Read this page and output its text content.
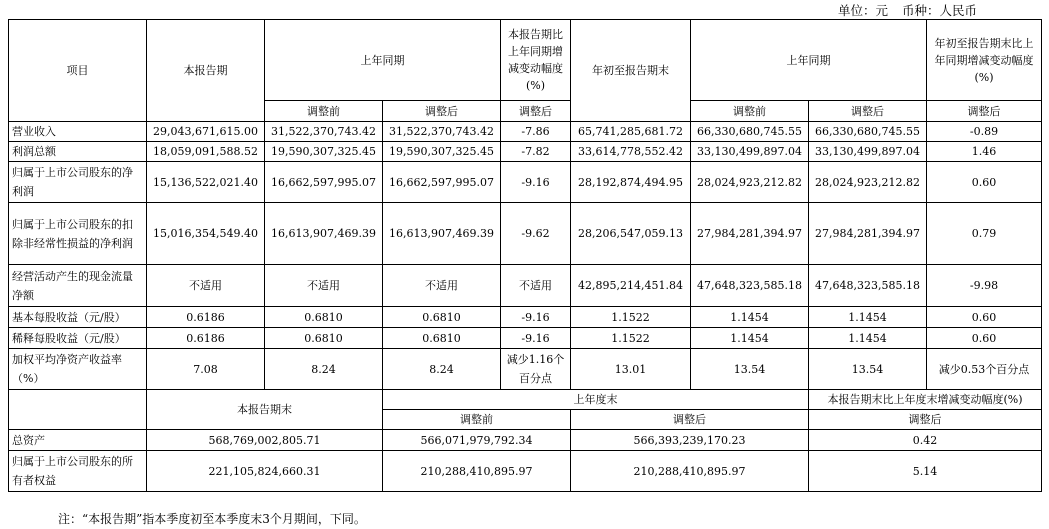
单位：元 币种：人民币
项目	本报告期	上年同期		本报告期比上年同期增减变动幅度(%)	年初至报告期末	上年同期		年初至报告期末比上年同期增减变动幅度(%)
		调整前	调整后	调整后		调整前	调整后	调整后
营业收入	29,043,671,615.00	31,522,370,743.42	31,522,370,743.42	-7.86	65,741,285,681.72	66,330,680,745.55	66,330,680,745.55	-0.89
利润总额	18,059,091,588.52	19,590,307,325.45	19,590,307,325.45	-7.82	33,614,778,552.42	33,130,499,897.04	33,130,499,897.04	1.46
归属于上市公司股东的净利润	15,136,522,021.40	16,662,597,995.07	16,662,597,995.07	-9.16	28,192,874,494.95	28,024,923,212.82	28,024,923,212.82	0.60
归属于上市公司股东的扣除非经常性损益的净利润	15,016,354,549.40	16,613,907,469.39	16,613,907,469.39	-9.62	28,206,547,059.13	27,984,281,394.97	27,984,281,394.97	0.79
经营活动产生的现金流量净额	不适用	不适用	不适用	不适用	42,895,214,451.84	47,648,323,585.18	47,648,323,585.18	-9.98
基本每股收益（元/股）	0.6186	0.6810	0.6810	-9.16	1.1522	1.1454	1.1454	0.60
稀释每股收益（元/股）	0.6186	0.6810	0.6810	-9.16	1.1522	1.1454	1.1454	0.60
加权平均净资产收益率（%）	7.08	8.24	8.24	减少1.16个百分点	13.01	13.54	13.54	减少0.53个百分点
	本报告期末		上年度末				本报告期末比上年度末增减变动幅度(%)	
			调整前		调整后		调整后	
总资产	568,769,002,805.71		566,071,979,792.34		566,393,239,170.23		0.42	
归属于上市公司股东的所有者权益	221,105,824,660.31		210,288,410,895.97		210,288,410,895.97		5.14	
注：“本报告期”指本季度初至本季度末3个月期间，下同。
